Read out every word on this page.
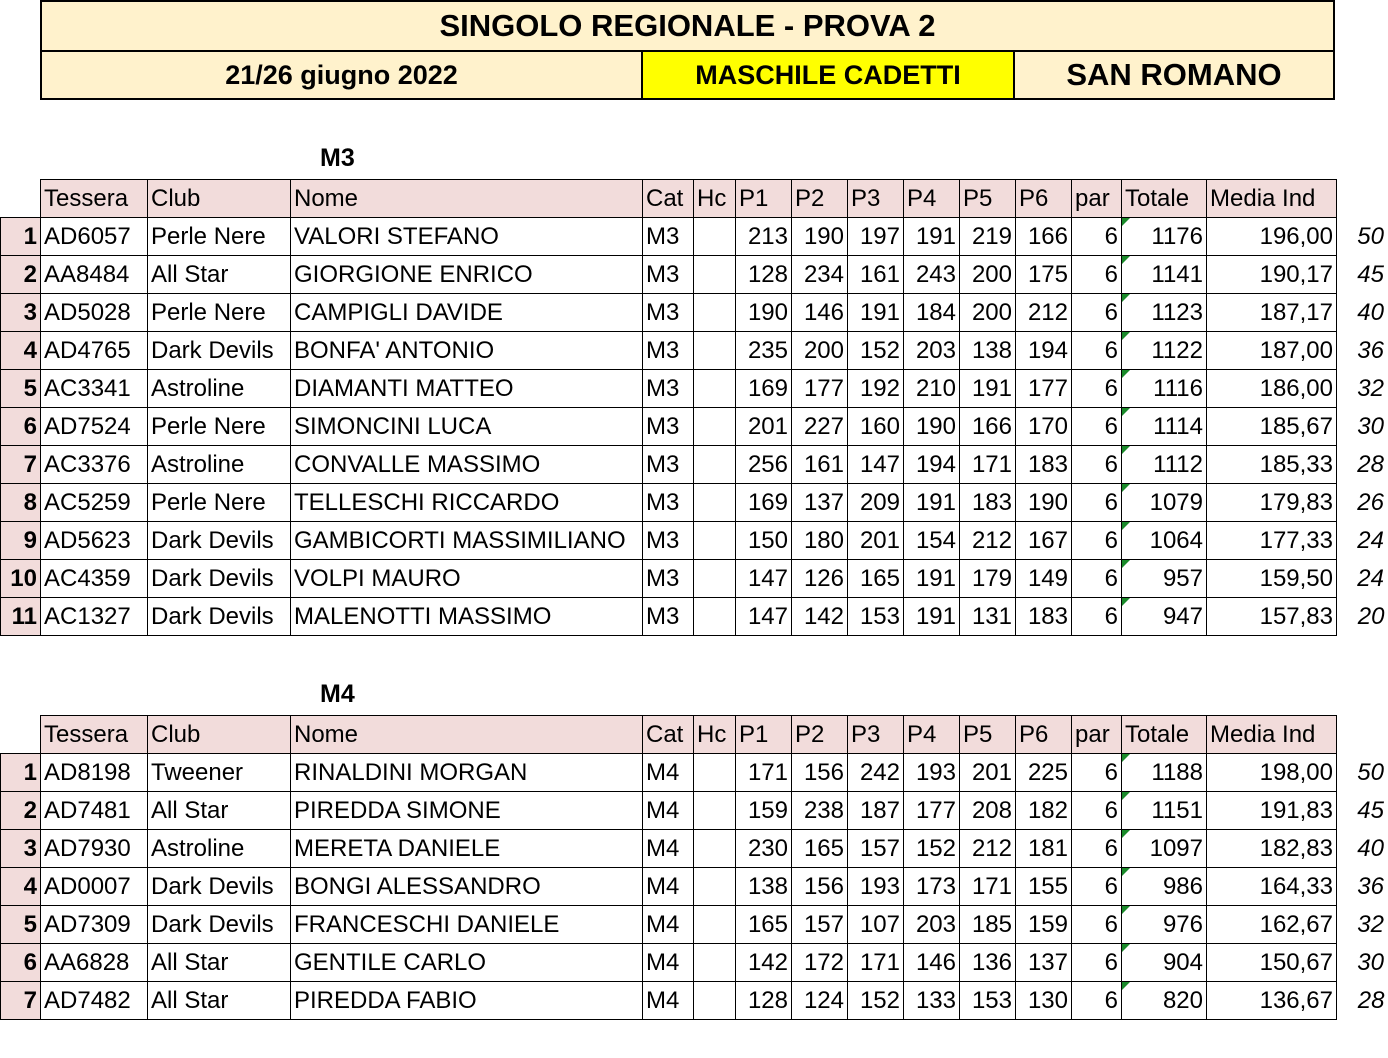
SINGOLO REGIONALE - PROVA 2
21/26 giugno 2022	MASCHILE CADETTI	SAN ROMANO
M3
	Tessera	Club	Nome	Cat	Hc	P1	P2	P3	P4	P5	P6	par	Totale	Media Ind	
1	AD6057	Perle Nere	VALORI STEFANO	M3		213	190	197	191	219	166	6	1176	196,00	50
2	AA8484	All Star	GIORGIONE ENRICO	M3		128	234	161	243	200	175	6	1141	190,17	45
3	AD5028	Perle Nere	CAMPIGLI DAVIDE	M3		190	146	191	184	200	212	6	1123	187,17	40
4	AD4765	Dark Devils	BONFA' ANTONIO	M3		235	200	152	203	138	194	6	1122	187,00	36
5	AC3341	Astroline	DIAMANTI MATTEO	M3		169	177	192	210	191	177	6	1116	186,00	32
6	AD7524	Perle Nere	SIMONCINI LUCA	M3		201	227	160	190	166	170	6	1114	185,67	30
7	AC3376	Astroline	CONVALLE MASSIMO	M3		256	161	147	194	171	183	6	1112	185,33	28
8	AC5259	Perle Nere	TELLESCHI RICCARDO	M3		169	137	209	191	183	190	6	1079	179,83	26
9	AD5623	Dark Devils	GAMBICORTI MASSIMILIANO	M3		150	180	201	154	212	167	6	1064	177,33	24
10	AC4359	Dark Devils	VOLPI MAURO	M3		147	126	165	191	179	149	6	957	159,50	24
11	AC1327	Dark Devils	MALENOTTI MASSIMO	M3		147	142	153	191	131	183	6	947	157,83	20
M4
	Tessera	Club	Nome	Cat	Hc	P1	P2	P3	P4	P5	P6	par	Totale	Media Ind	
1	AD8198	Tweener	RINALDINI MORGAN	M4		171	156	242	193	201	225	6	1188	198,00	50
2	AD7481	All Star	PIREDDA SIMONE	M4		159	238	187	177	208	182	6	1151	191,83	45
3	AD7930	Astroline	MERETA DANIELE	M4		230	165	157	152	212	181	6	1097	182,83	40
4	AD0007	Dark Devils	BONGI ALESSANDRO	M4		138	156	193	173	171	155	6	986	164,33	36
5	AD7309	Dark Devils	FRANCESCHI DANIELE	M4		165	157	107	203	185	159	6	976	162,67	32
6	AA6828	All Star	GENTILE CARLO	M4		142	172	171	146	136	137	6	904	150,67	30
7	AD7482	All Star	PIREDDA FABIO	M4		128	124	152	133	153	130	6	820	136,67	28
